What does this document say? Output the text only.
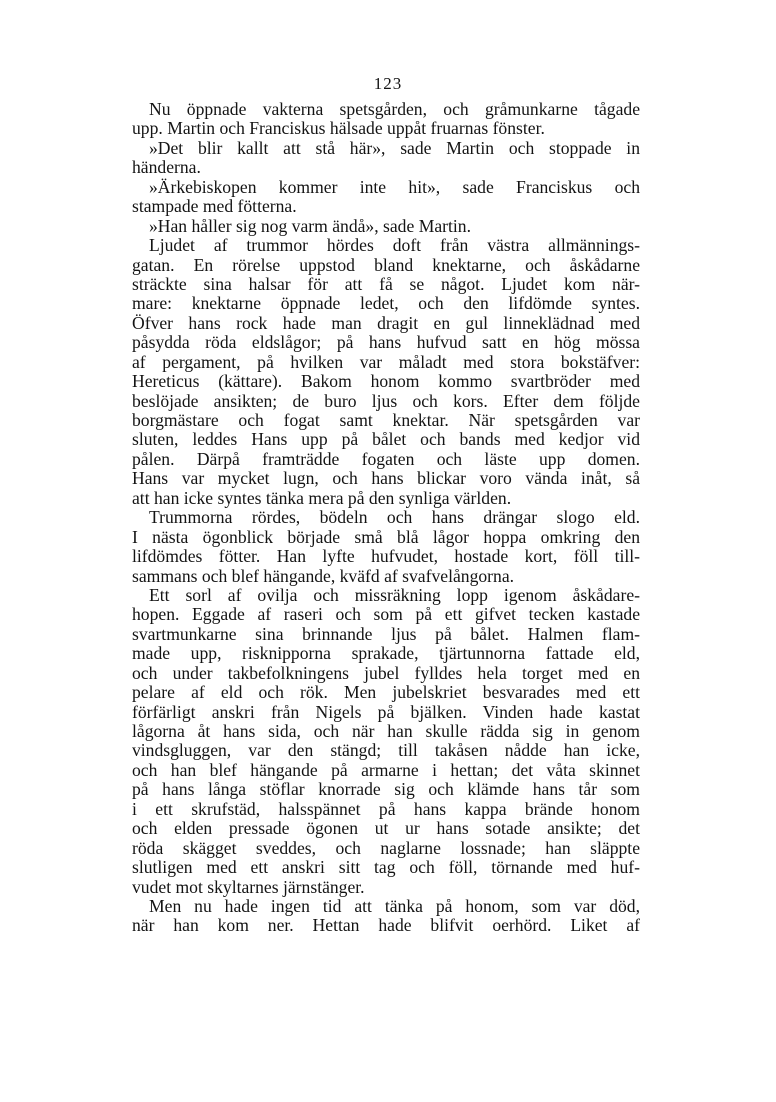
123
Nu öppnade vakterna spetsgården, och gråmunkarne tågade
upp. Martin och Franciskus hälsade uppåt fruarnas fönster.
»Det blir kallt att stå här», sade Martin och stoppade in
händerna.
»Ärkebiskopen kommer inte hit», sade Franciskus och
stampade med fötterna.
»Han håller sig nog varm ändå», sade Martin.
Ljudet af trummor hördes doft från västra allmännings-
gatan. En rörelse uppstod bland knektarne, och åskådarne
sträckte sina halsar för att få se något. Ljudet kom när-
mare: knektarne öppnade ledet, och den lifdömde syntes.
Öfver hans rock hade man dragit en gul linneklädnad med
påsydda röda eldslågor; på hans hufvud satt en hög mössa
af pergament, på hvilken var måladt med stora bokstäfver:
Hereticus (kättare). Bakom honom kommo svartbröder med
beslöjade ansikten; de buro ljus och kors. Efter dem följde
borgmästare och fogat samt knektar. När spetsgården var
sluten, leddes Hans upp på bålet och bands med kedjor vid
pålen. Därpå framträdde fogaten och läste upp domen.
Hans var mycket lugn, och hans blickar voro vända inåt, så
att han icke syntes tänka mera på den synliga världen.
Trummorna rördes, bödeln och hans drängar slogo eld.
I nästa ögonblick började små blå lågor hoppa omkring den
lifdömdes fötter. Han lyfte hufvudet, hostade kort, föll till-
sammans och blef hängande, kväfd af svafvelångorna.
Ett sorl af ovilja och missräkning lopp igenom åskådare-
hopen. Eggade af raseri och som på ett gifvet tecken kastade
svartmunkarne sina brinnande ljus på bålet. Halmen flam-
made upp, risknipporna sprakade, tjärtunnorna fattade eld,
och under takbefolkningens jubel fylldes hela torget med en
pelare af eld och rök. Men jubelskriet besvarades med ett
förfärligt anskri från Nigels på bjälken. Vinden hade kastat
lågorna åt hans sida, och när han skulle rädda sig in genom
vindsgluggen, var den stängd; till takåsen nådde han icke,
och han blef hängande på armarne i hettan; det våta skinnet
på hans långa stöflar knorrade sig och klämde hans tår som
i ett skrufstäd, halsspännet på hans kappa brände honom
och elden pressade ögonen ut ur hans sotade ansikte; det
röda skägget sveddes, och naglarne lossnade; han släppte
slutligen med ett anskri sitt tag och föll, törnande med huf-
vudet mot skyltarnes järnstänger.
Men nu hade ingen tid att tänka på honom, som var död,
när han kom ner. Hettan hade blifvit oerhörd. Liket af
